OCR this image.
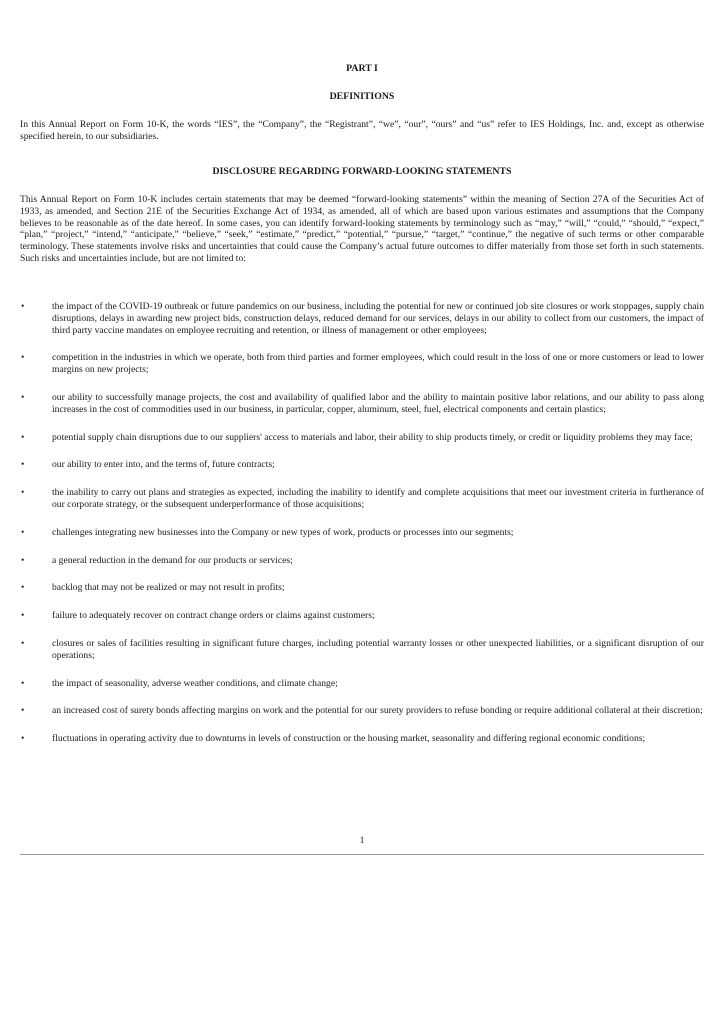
PART I

DEFINITIONS

In this Annual Report on Form 10-K, the words “IES”, the “Company”, the “Registrant”, “we”, “our”, “ours” and “us” refer to IES Holdings, Inc. and, except as otherwise specified herein, to our subsidiaries.

DISCLOSURE REGARDING FORWARD-LOOKING STATEMENTS

This Annual Report on Form 10-K includes certain statements that may be deemed “forward-looking statements” within the meaning of Section 27A of the Securities Act of 1933, as amended, and Section 21E of the Securities Exchange Act of 1934, as amended, all of which are based upon various estimates and assumptions that the Company believes to be reasonable as of the date hereof. In some cases, you can identify forward-looking statements by terminology such as “may,” “will,” “could,” “should,” “expect,” “plan,” “project,” “intend,” “anticipate,” “believe,” “seek,” “estimate,” “predict,” “potential,” “pursue,” “target,” “continue,” the negative of such terms or other comparable terminology. These statements involve risks and uncertainties that could cause the Company’s actual future outcomes to differ materially from those set forth in such statements. Such risks and uncertainties include, but are not limited to:

•	the impact of the COVID-19 outbreak or future pandemics on our business, including the potential for new or continued job site closures or work stoppages, supply chain disruptions, delays in awarding new project bids, construction delays, reduced demand for our services, delays in our ability to collect from our customers, the impact of third party vaccine mandates on employee recruiting and retention, or illness of management or other employees;
•	competition in the industries in which we operate, both from third parties and former employees, which could result in the loss of one or more customers or lead to lower margins on new projects;
•	our ability to successfully manage projects, the cost and availability of qualified labor and the ability to maintain positive labor relations, and our ability to pass along increases in the cost of commodities used in our business, in particular, copper, aluminum, steel, fuel, electrical components and certain plastics;
•	potential supply chain disruptions due to our suppliers' access to materials and labor, their ability to ship products timely, or credit or liquidity problems they may face;
•	our ability to enter into, and the terms of, future contracts;
•	the inability to carry out plans and strategies as expected, including the inability to identify and complete acquisitions that meet our investment criteria in furtherance of our corporate strategy, or the subsequent underperformance of those acquisitions;
•	challenges integrating new businesses into the Company or new types of work, products or processes into our segments;
•	a general reduction in the demand for our products or services;
•	backlog that may not be realized or may not result in profits;
•	failure to adequately recover on contract change orders or claims against customers;
•	closures or sales of facilities resulting in significant future charges, including potential warranty losses or other unexpected liabilities, or a significant disruption of our operations;
•	the impact of seasonality, adverse weather conditions, and climate change;
•	an increased cost of surety bonds affecting margins on work and the potential for our surety providers to refuse bonding or require additional collateral at their discretion;
•	fluctuations in operating activity due to downturns in levels of construction or the housing market, seasonality and differing regional economic conditions;

1
